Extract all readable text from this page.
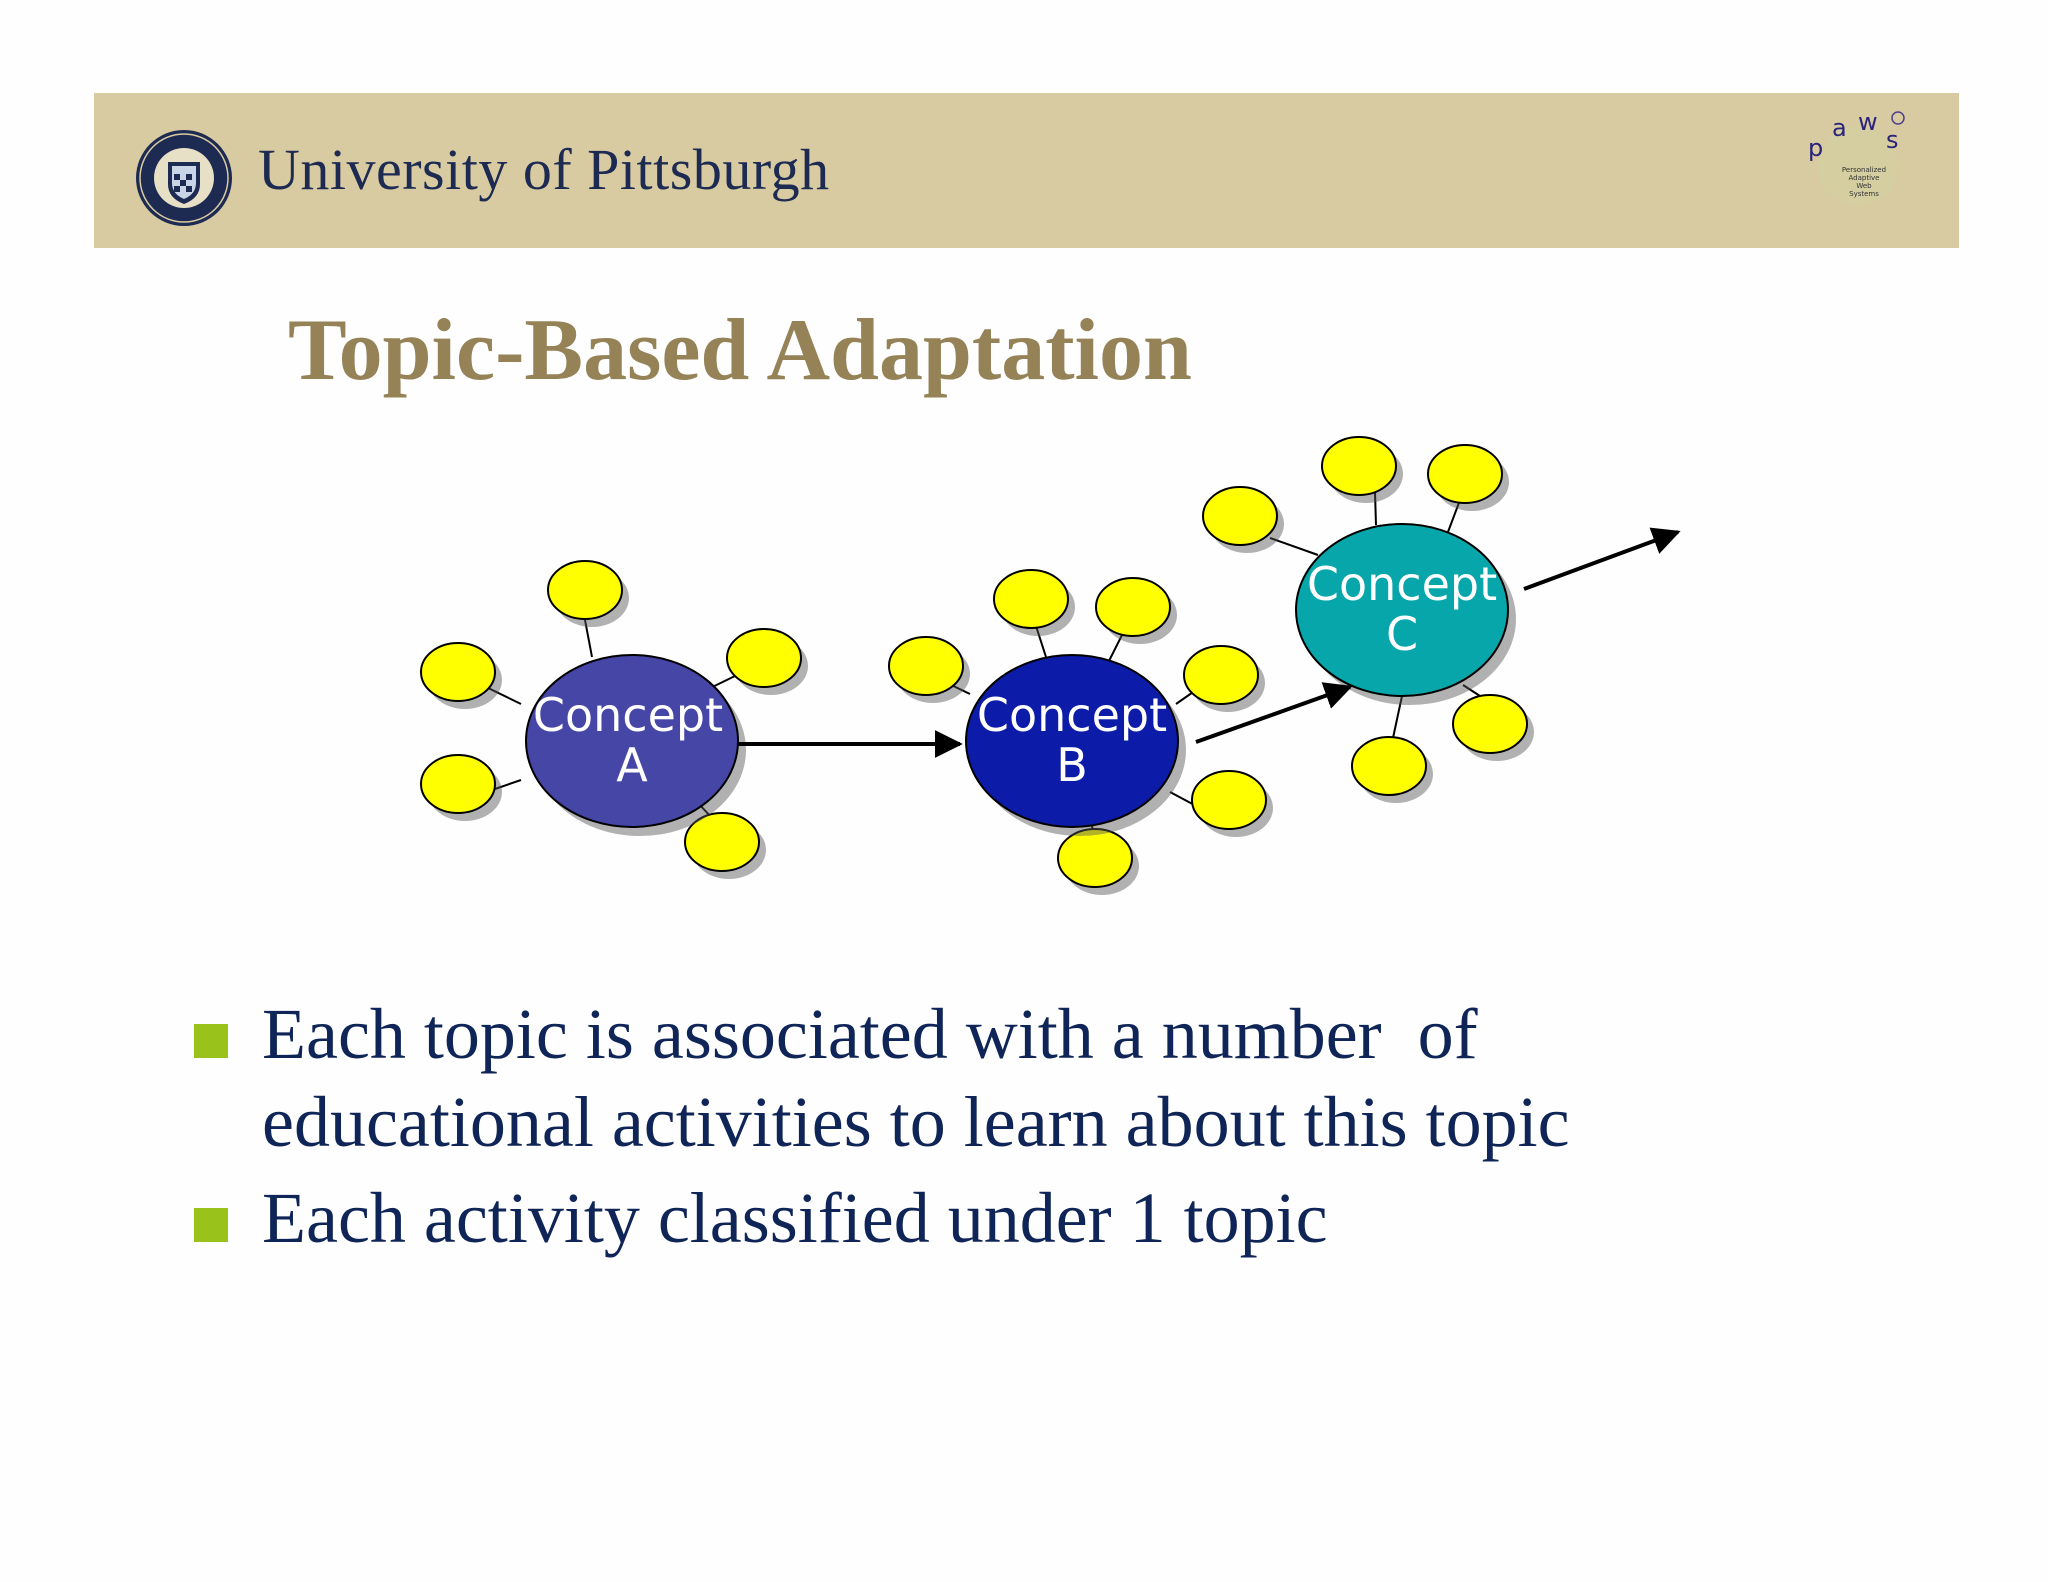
University of Pittsburgh	p
a w
s
Personalized
Adaptive
Web
Systems
Topic-Based Adaptation
Concept
A
Concept
B
Concept
C
Each topic is associated with a number  of
educational activities to learn about this topic
Each activity classified under 1 topic
